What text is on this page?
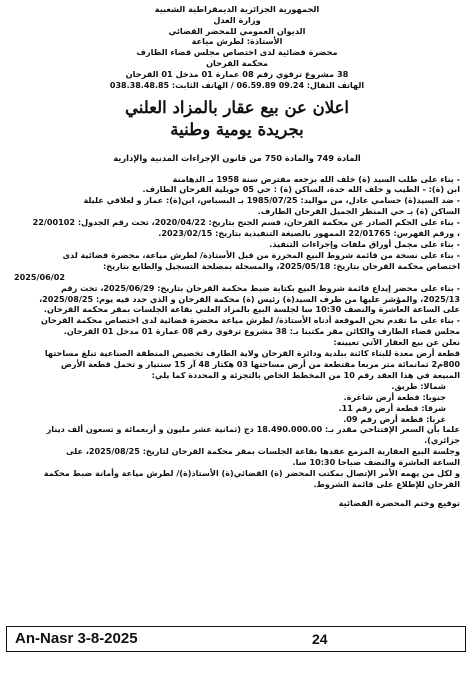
الجمهورية الجزائرية الديمقراطية الشعبية
وزارة العدل
الديوان العمومي للمحضر القضائي
الأستاذة: لطرش مياعة
محضرة قضائية لدى اختصاص مجلس قضاء الطارف
محكمة القرحان
38 مشروع ترقوي رقم 08 عمارة 01 مدخل 01 القرحان
الهاتف النقال: 09.24 06.59.89 / الهاتف الثابت: 038.38.48.85
اعلان عن بيع عقار بالمزاد العلني
بجريدة يومية وطنية
المادة 749 والمادة 750 من قانون الإجراءات المدنية والإدارية
- بناء على طلب السيد (ة) خلف الله برجعه مفترض سنة 1958 بـ الدهامنة
ابن (ة): - الطيب و خلف الله حدة، الساكن (ة) : حي 05 جويلية القرحان الطارف.
- ضد السيد(ة) حسامي عادل، من مواليد: 1985/07/25 بـ البسباس، ابن(ة): عمار و لعلاقي عليلة
الساكن (ة) بـ حي المنظر الجميل القرحان الطارف.
- بناء على الحكم الصادر عن محكمة القرحان، قسم الجنح بتاريخ: 2020/04/22، تحت رقم الجدول: 22/00102
، ورقم الفهرس: 22/01765 الممهور بالصيغة التنفيذية بتاريخ: 2023/02/15.
- بناء على مجمل أوراق ملفات وإجراءات التنفيذ.
- بناء على نسخة من قائمة شروط البيع المحررة من قبل الأستاذة/ لطرش مياعة، محضرة قضائية لدى
اختصاص محكمة القرحان بتاريخ: 2025/05/18، والمسجلة بمصلحة التسجيل والطابع بتاريخ:
2025/06/02
- بناء على محضر إيداع قائمة شروط البيع بكتابة ضبط محكمة القرحان بتاريخ: 2025/06/29، تحت رقم
2025/13، والمؤشر عليها من طرف السيد(ة) رئيس (ة) محكمة القرحان و الذي حدد فيه يوم: 2025/08/25،
على الساعة العاشرة والنصف 10:30 سا لجلسة البيع بالمزاد العلني بقاعة الجلسات بمقر محكمة القرحان.
- بناء على ما تقدم نحن الموقعة أدناه الأستاذة/ لطرش مياعة محضرة قضائية لدى اختصاص محكمة القرحان
مجلس قضاء الطارف والكائن مقر مكتبنا بـ: 38 مشروع ترقوي رقم 08 عمارة 01 مدخل 01 القرحان.
نعلن عن بيع العقار الآتي تعيينه:
قطعة أرض معدة للبناء كائنة ببلدية ودائرة القرحان ولاية الطارف تخصيص المنطقة الصناعية تبلغ مساحتها
800م2 ثمانمائة متر مربعا مقتطعة من أرض مساحتها 03 هكتار 48 آر 15 سنتيار و تحمل قطعة الأرض
المبيعة في هذا العقد رقم 10 من المخطط الخاص بالتجزئة و المحددة كما يلي:
شمالا: طريق.
جنوبا: قطعة أرض شاغرة.
شرقا: قطعة أرض رقم 11.
غربا: قطعة أرض رقم 09.
علما بأن السعر الإفتتاحي مقدر بـ: 18.490.000.00 دج (ثمانية عشر مليون و أربعمائة و تسعون ألف دينار
جزائري).
وجلسة البيع العقارية المزمع عقدها بقاعة الجلسات بمقر محكمة القرحان لتاريخ: 2025/08/25، على
الساعة العاشرة والنصف صباحا 10:30 سا.
و لكل من يهمه الأمر الإتصال بمكتب المحضر (ة) القضائي(ة) الأستاذ(ة)/ لطرش مياعة وأمانة ضبط محكمة
القرحان للإطلاع على قائمة الشروط.
توقيع وختم المحضرة القضائية
An-Nasr 3-8-2025	24
